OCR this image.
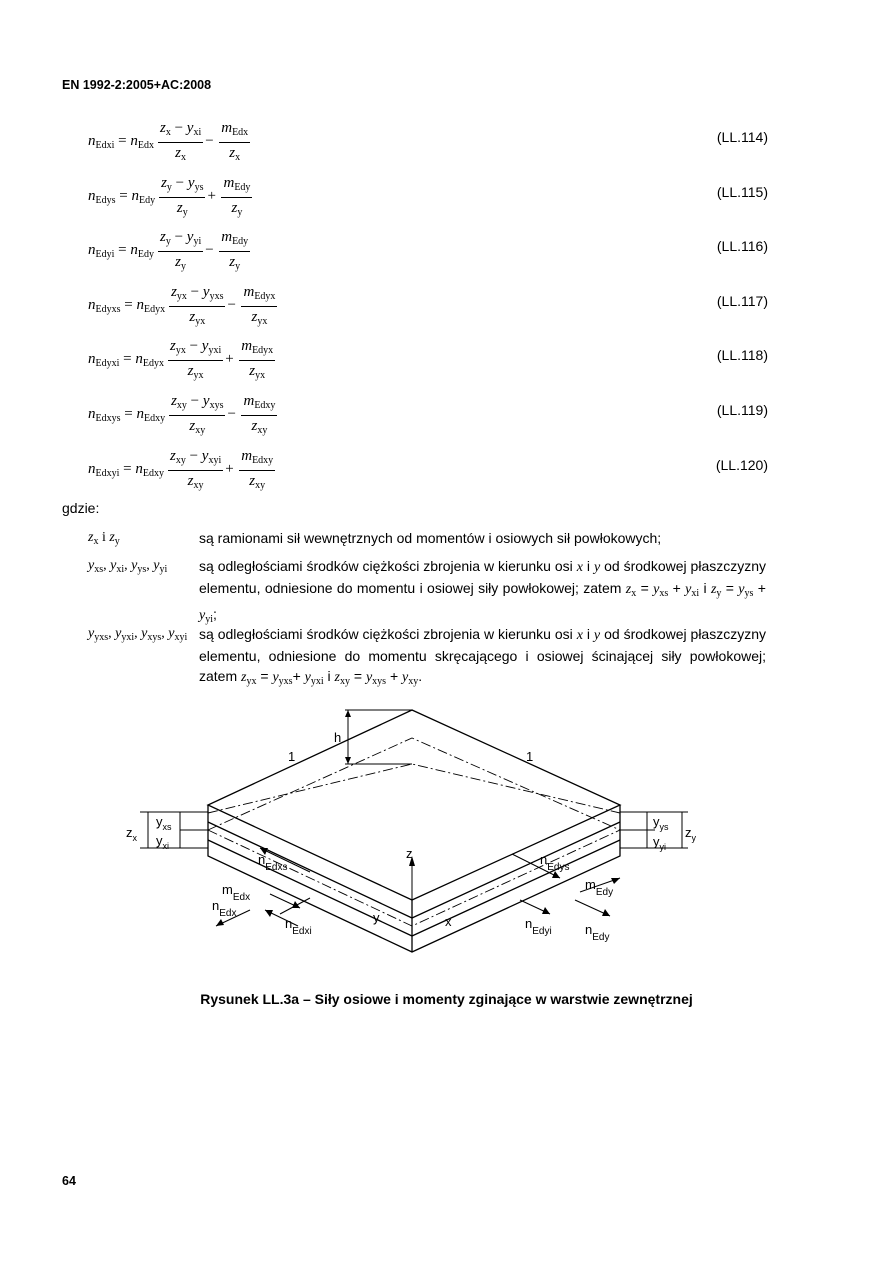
EN 1992-2:2005+AC:2008
$n_{Edxi} = n_{Edx}$
$z_x - y_{xi}$
$z_x$
−
$m_{Edx}$
$z_x$
(LL.114)
$n_{Edys} = n_{Edy}$
$z_y - y_{ys}$
$z_y$
+
$m_{Edy}$
$z_y$
(LL.115)
$n_{Edyi} = n_{Edy}$
$z_y - y_{yi}$
$z_y$
−
$m_{Edy}$
$z_y$
(LL.116)
$n_{Edyxs} = n_{Edyx}$
$z_{yx} - y_{yxs}$
$z_{yx}$
−
$m_{Edyx}$
$z_{yx}$
(LL.117)
$n_{Edyxi} = n_{Edyx}$
$z_{yx} - y_{yxi}$
$z_{yx}$
+
$m_{Edyx}$
$z_{yx}$
(LL.118)
$n_{Edxys} = n_{Edxy}$
$z_{xy} - y_{xys}$
$z_{xy}$
−
$m_{Edxy}$
$z_{xy}$
(LL.119)
$n_{Edxyi} = n_{Edxy}$
$z_{xy} - y_{xyi}$
$z_{xy}$
+
$m_{Edxy}$
$z_{xy}$
(LL.120)
gdzie:
$z_x$ i $z_y$	są ramionami sił wewnętrznych od momentów i osiowych sił powłokowych;
$y_{xs}$, $y_{xi}$, $y_{ys}$, $y_{yi}$ są odległościami środków ciężkości zbrojenia w kierunku osi x i y od środkowej płaszczyzny elementu, odniesione do momentu i osiowej siły powłokowej; zatem $z_x = y_{xs} + y_{xi}$ i $z_y = y_{ys} + y_{yi}$;
$y_{yxs}$, $y_{yxi}$, $y_{xys}$, $y_{xyi}$ są odległościami środków ciężkości zbrojenia w kierunku osi x i y od środkowej płaszczyzny elementu, odniesione do momentu skręcającego i osiowej ścinającej siły powłokowej; zatem $z_{yx} = y_{yxs}+ y_{yxi}$ i $z_{xy} = y_{xys} + y_{xy}$.
h
1	1
z
x
y
$z_x$
$y_{xs}$
$y_{xi}$
$y_{ys}$
$y_{yi}$
$z_y$
$n_{Edxs}$
$n_{Edys}$
$m_{Edx}$
$n_{Edx}$
$n_{Edxi}$
$m_{Edy}$
$n_{Edyi}$	$n_{Edy}$
Rysunek LL.3a – Siły osiowe i momenty zginające w warstwie zewnętrznej
64
